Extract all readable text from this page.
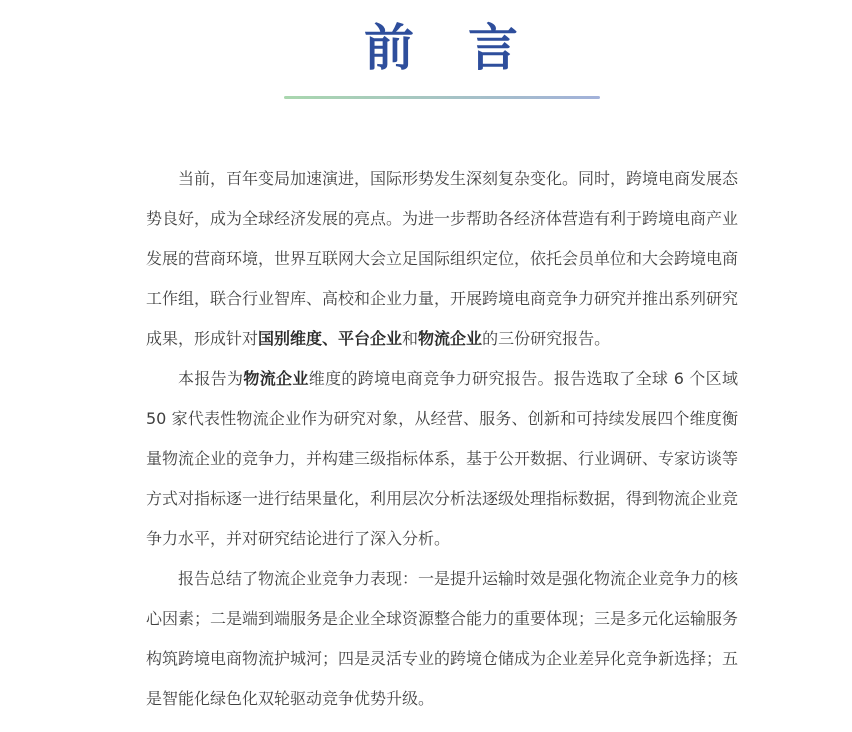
前　言

当前，百年变局加速演进，国际形势发生深刻复杂变化。同时，跨境电商发展态势良好，成为全球经济发展的亮点。为进一步帮助各经济体营造有利于跨境电商产业发展的营商环境，世界互联网大会立足国际组织定位，依托会员单位和大会跨境电商工作组，联合行业智库、高校和企业力量，开展跨境电商竞争力研究并推出系列研究成果，形成针对国别维度、平台企业和物流企业的三份研究报告。

本报告为物流企业维度的跨境电商竞争力研究报告。报告选取了全球 6 个区域 50 家代表性物流企业作为研究对象，从经营、服务、创新和可持续发展四个维度衡量物流企业的竞争力，并构建三级指标体系，基于公开数据、行业调研、专家访谈等方式对指标逐一进行结果量化，利用层次分析法逐级处理指标数据，得到物流企业竞争力水平，并对研究结论进行了深入分析。

报告总结了物流企业竞争力表现：一是提升运输时效是强化物流企业竞争力的核心因素；二是端到端服务是企业全球资源整合能力的重要体现；三是多元化运输服务构筑跨境电商物流护城河；四是灵活专业的跨境仓储成为企业差异化竞争新选择；五是智能化绿色化双轮驱动竞争优势升级。
